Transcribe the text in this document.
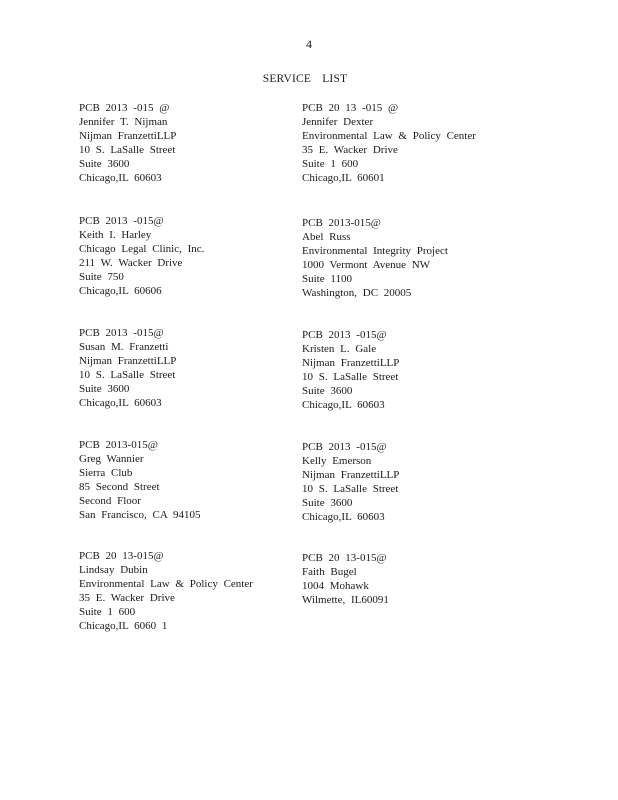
4
SERVICE LIST
PCB 2013 -015 @
Jennifer T. Nijman
Nijman FranzettiLLP
10 S. LaSalle Street
Suite 3600
Chicago,IL 60603
PCB 20 13 -015 @
Jennifer Dexter
Environmental Law & Policy Center
35 E. Wacker Drive
Suite 1 600
Chicago,IL 60601
PCB 2013 -015@
Keith I. Harley
Chicago Legal Clinic, Inc.
211 W. Wacker Drive
Suite 750
Chicago,IL 60606
PCB 2013-015@
Abel Russ
Environmental Integrity Project
1000 Vermont Avenue NW
Suite 1100
Washington, DC 20005
PCB 2013 -015@
Susan M. Franzetti
Nijman FranzettiLLP
10 S. LaSalle Street
Suite 3600
Chicago,IL 60603
PCB 2013 -015@
Kristen L. Gale
Nijman FranzettiLLP
10 S. LaSalle Street
Suite 3600
Chicago,IL 60603
PCB 2013-015@
Greg Wannier
Sierra Club
85 Second Street
Second Floor
San Francisco, CA 94105
PCB 2013 -015@
Kelly Emerson
Nijman FranzettiLLP
10 S. LaSalle Street
Suite 3600
Chicago,IL 60603
PCB 20 13-015@
Lindsay Dubin
Environmental Law & Policy Center
35 E. Wacker Drive
Suite 1 600
Chicago,IL 6060 1
PCB 20 13-015@
Faith Bugel
1004 Mohawk
Wilmette, IL60091
